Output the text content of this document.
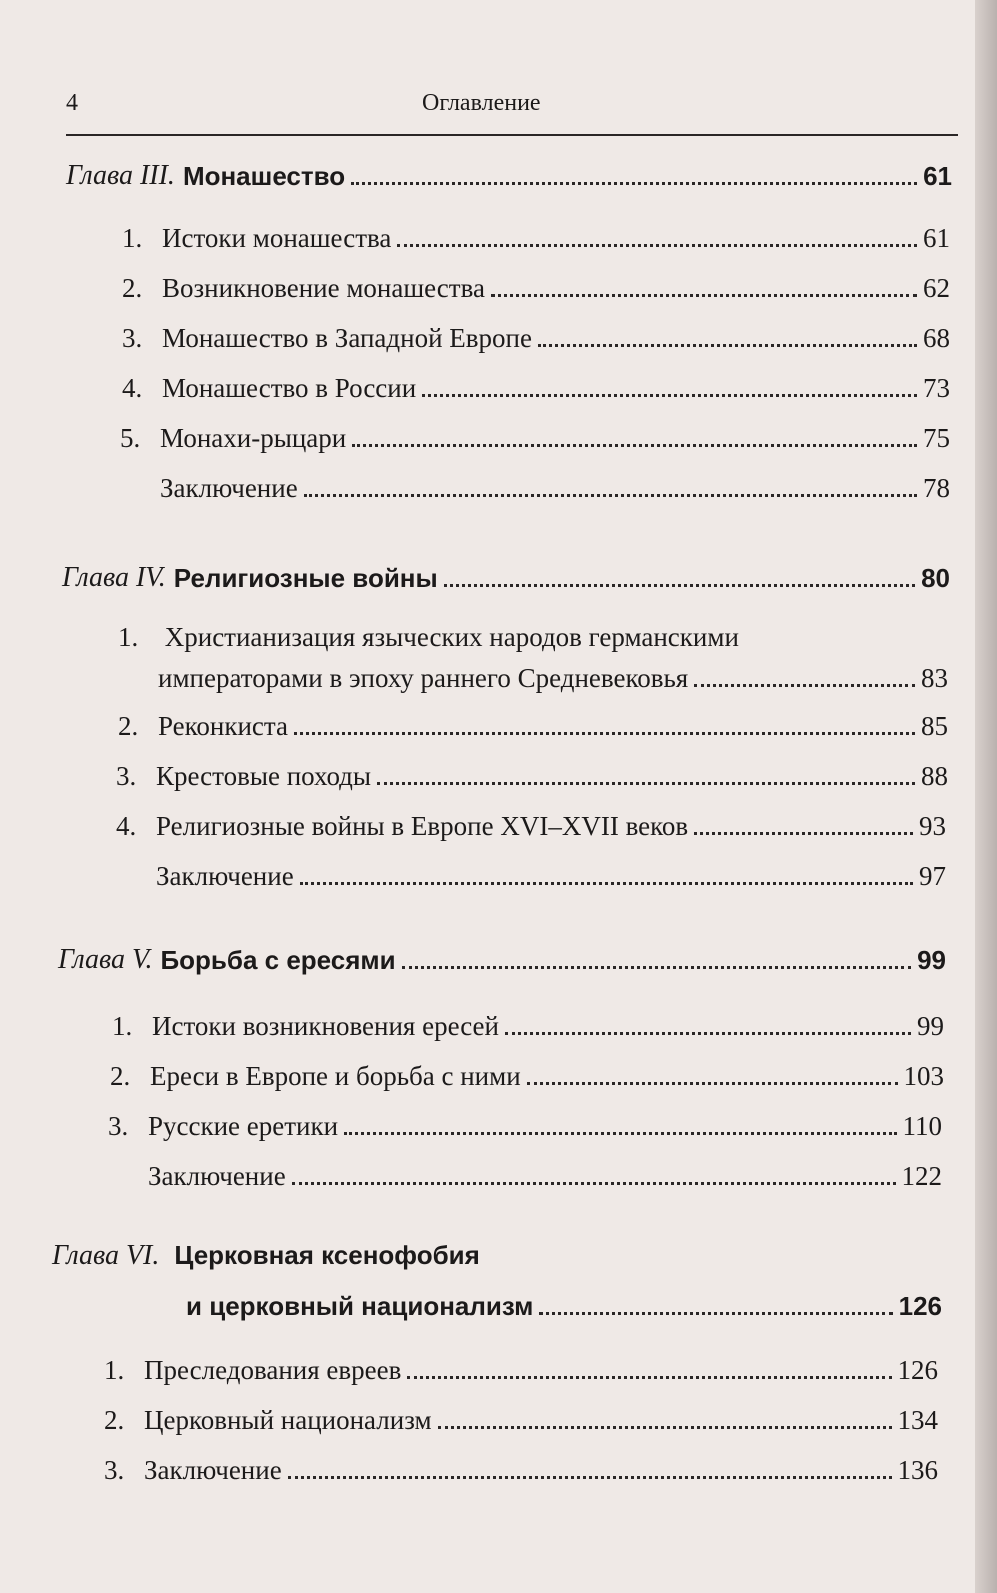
4	Оглавление
Глава III. Монашество	61
1. Истоки монашества	61
2. Возникновение монашества	62
3. Монашество в Западной Европе	68
4. Монашество в России	73
5. Монахи-рыцари	75
Заключение	78
Глава IV. Религиозные войны	80
1. Христианизация языческих народов германскими
императорами в эпоху раннего Средневековья	83
2. Реконкиста	85
3. Крестовые походы	88
4. Религиозные войны в Европе XVI–XVII веков	93
Заключение	97
Глава V. Борьба с ересями	99
1. Истоки возникновения ересей	99
2. Ереси в Европе и борьба с ними	103
3. Русские еретики	110
Заключение	122
Глава VI. Церковная ксенофобия
и церковный национализм	126
1. Преследования евреев	126
2. Церковный национализм	134
3. Заключение	136
